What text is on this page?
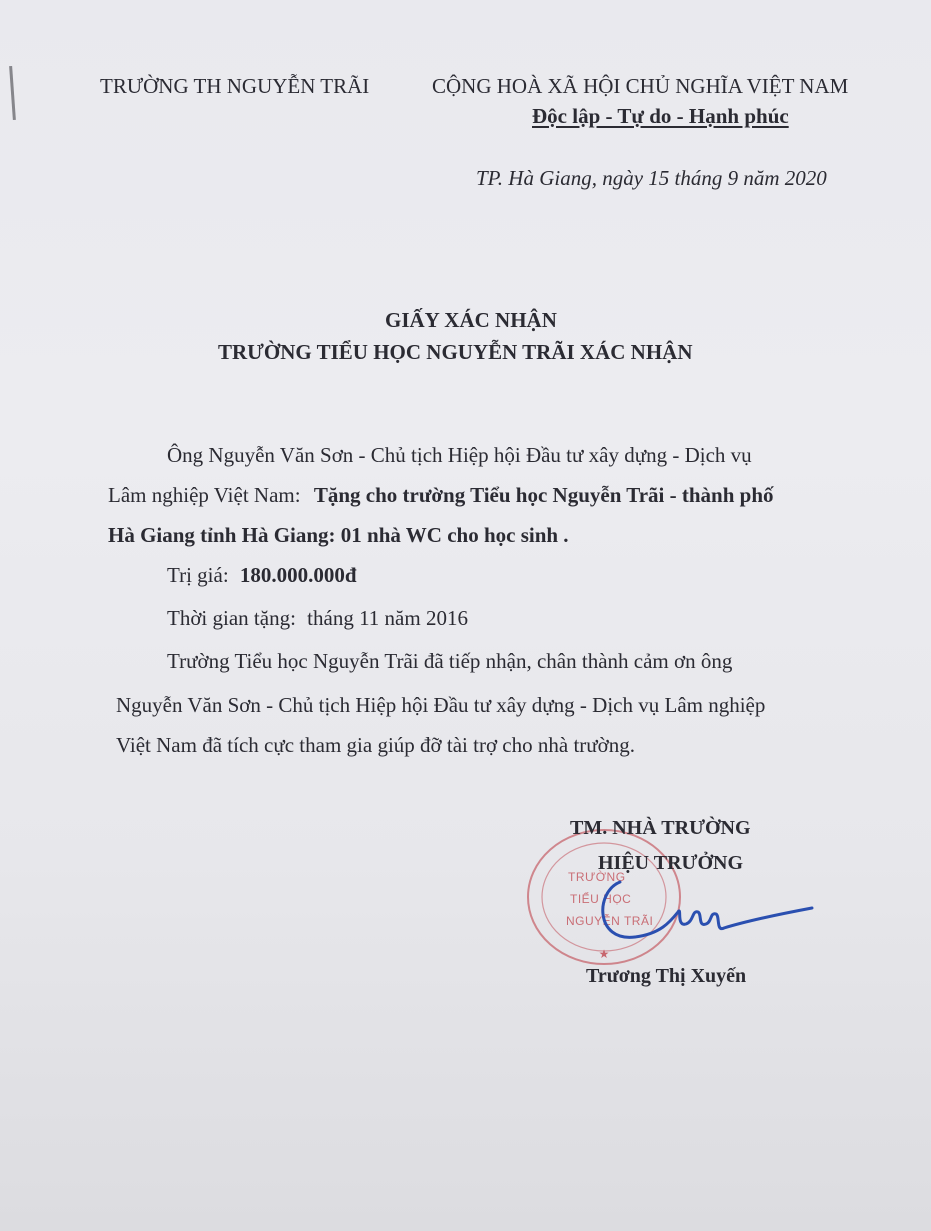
TRƯỜNG TH NGUYỄN TRÃI	CỘNG HOÀ XÃ HỘI CHỦ NGHĨA VIỆT NAM
Độc lập - Tự do - Hạnh phúc
TP. Hà Giang, ngày 15 tháng 9 năm 2020
GIẤY XÁC NHẬN
TRƯỜNG TIỂU HỌC NGUYỄN TRÃI XÁC NHẬN
Ông Nguyễn Văn Sơn - Chủ tịch Hiệp hội Đầu tư xây dựng - Dịch vụ
Lâm nghiệp Việt Nam: Tặng cho trường Tiểu học Nguyễn Trãi - thành phố
Hà Giang tỉnh Hà Giang: 01 nhà WC cho học sinh .
Trị giá: 180.000.000đ
Thời gian tặng: tháng 11 năm 2016
Trường Tiểu học Nguyễn Trãi đã tiếp nhận, chân thành cảm ơn ông
Nguyễn Văn Sơn - Chủ tịch Hiệp hội Đầu tư xây dựng - Dịch vụ Lâm nghiệp
Việt Nam đã tích cực tham gia giúp đỡ tài trợ cho nhà trường.
★
TRƯỜNG
TIỂU HỌC
NGUYỄN TRÃI
TM. NHÀ TRƯỜNG
HIỆU TRƯỞNG
Trương Thị Xuyến
